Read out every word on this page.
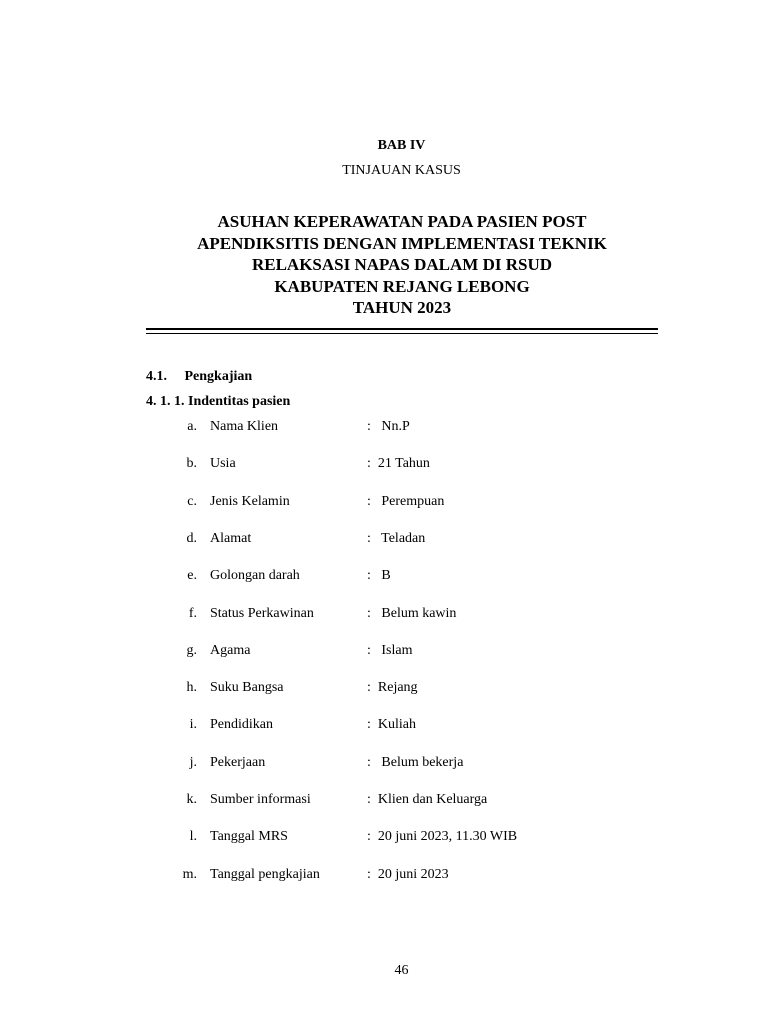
BAB IV
TINJAUAN KASUS
ASUHAN KEPERAWATAN PADA PASIEN POST
APENDIKSITIS DENGAN IMPLEMENTASI TEKNIK
RELAKSASI NAPAS DALAM DI RSUD
KABUPATEN REJANG LEBONG
TAHUN 2023
4.1. Pengkajian
4. 1. 1. Indentitas pasien
a. Nama Klien	:   Nn.P
b. Usia	:  21 Tahun
c. Jenis Kelamin	:   Perempuan
d. Alamat	:   Teladan
e. Golongan darah	:   B
f. Status Perkawinan	:   Belum kawin
g. Agama	:   Islam
h. Suku Bangsa	:  Rejang
i. Pendidikan	:  Kuliah
j. Pekerjaan	:   Belum bekerja
k. Sumber informasi	:  Klien dan Keluarga
l. Tanggal MRS	:  20 juni 2023, 11.30 WIB
m. Tanggal pengkajian	:  20 juni 2023
46
